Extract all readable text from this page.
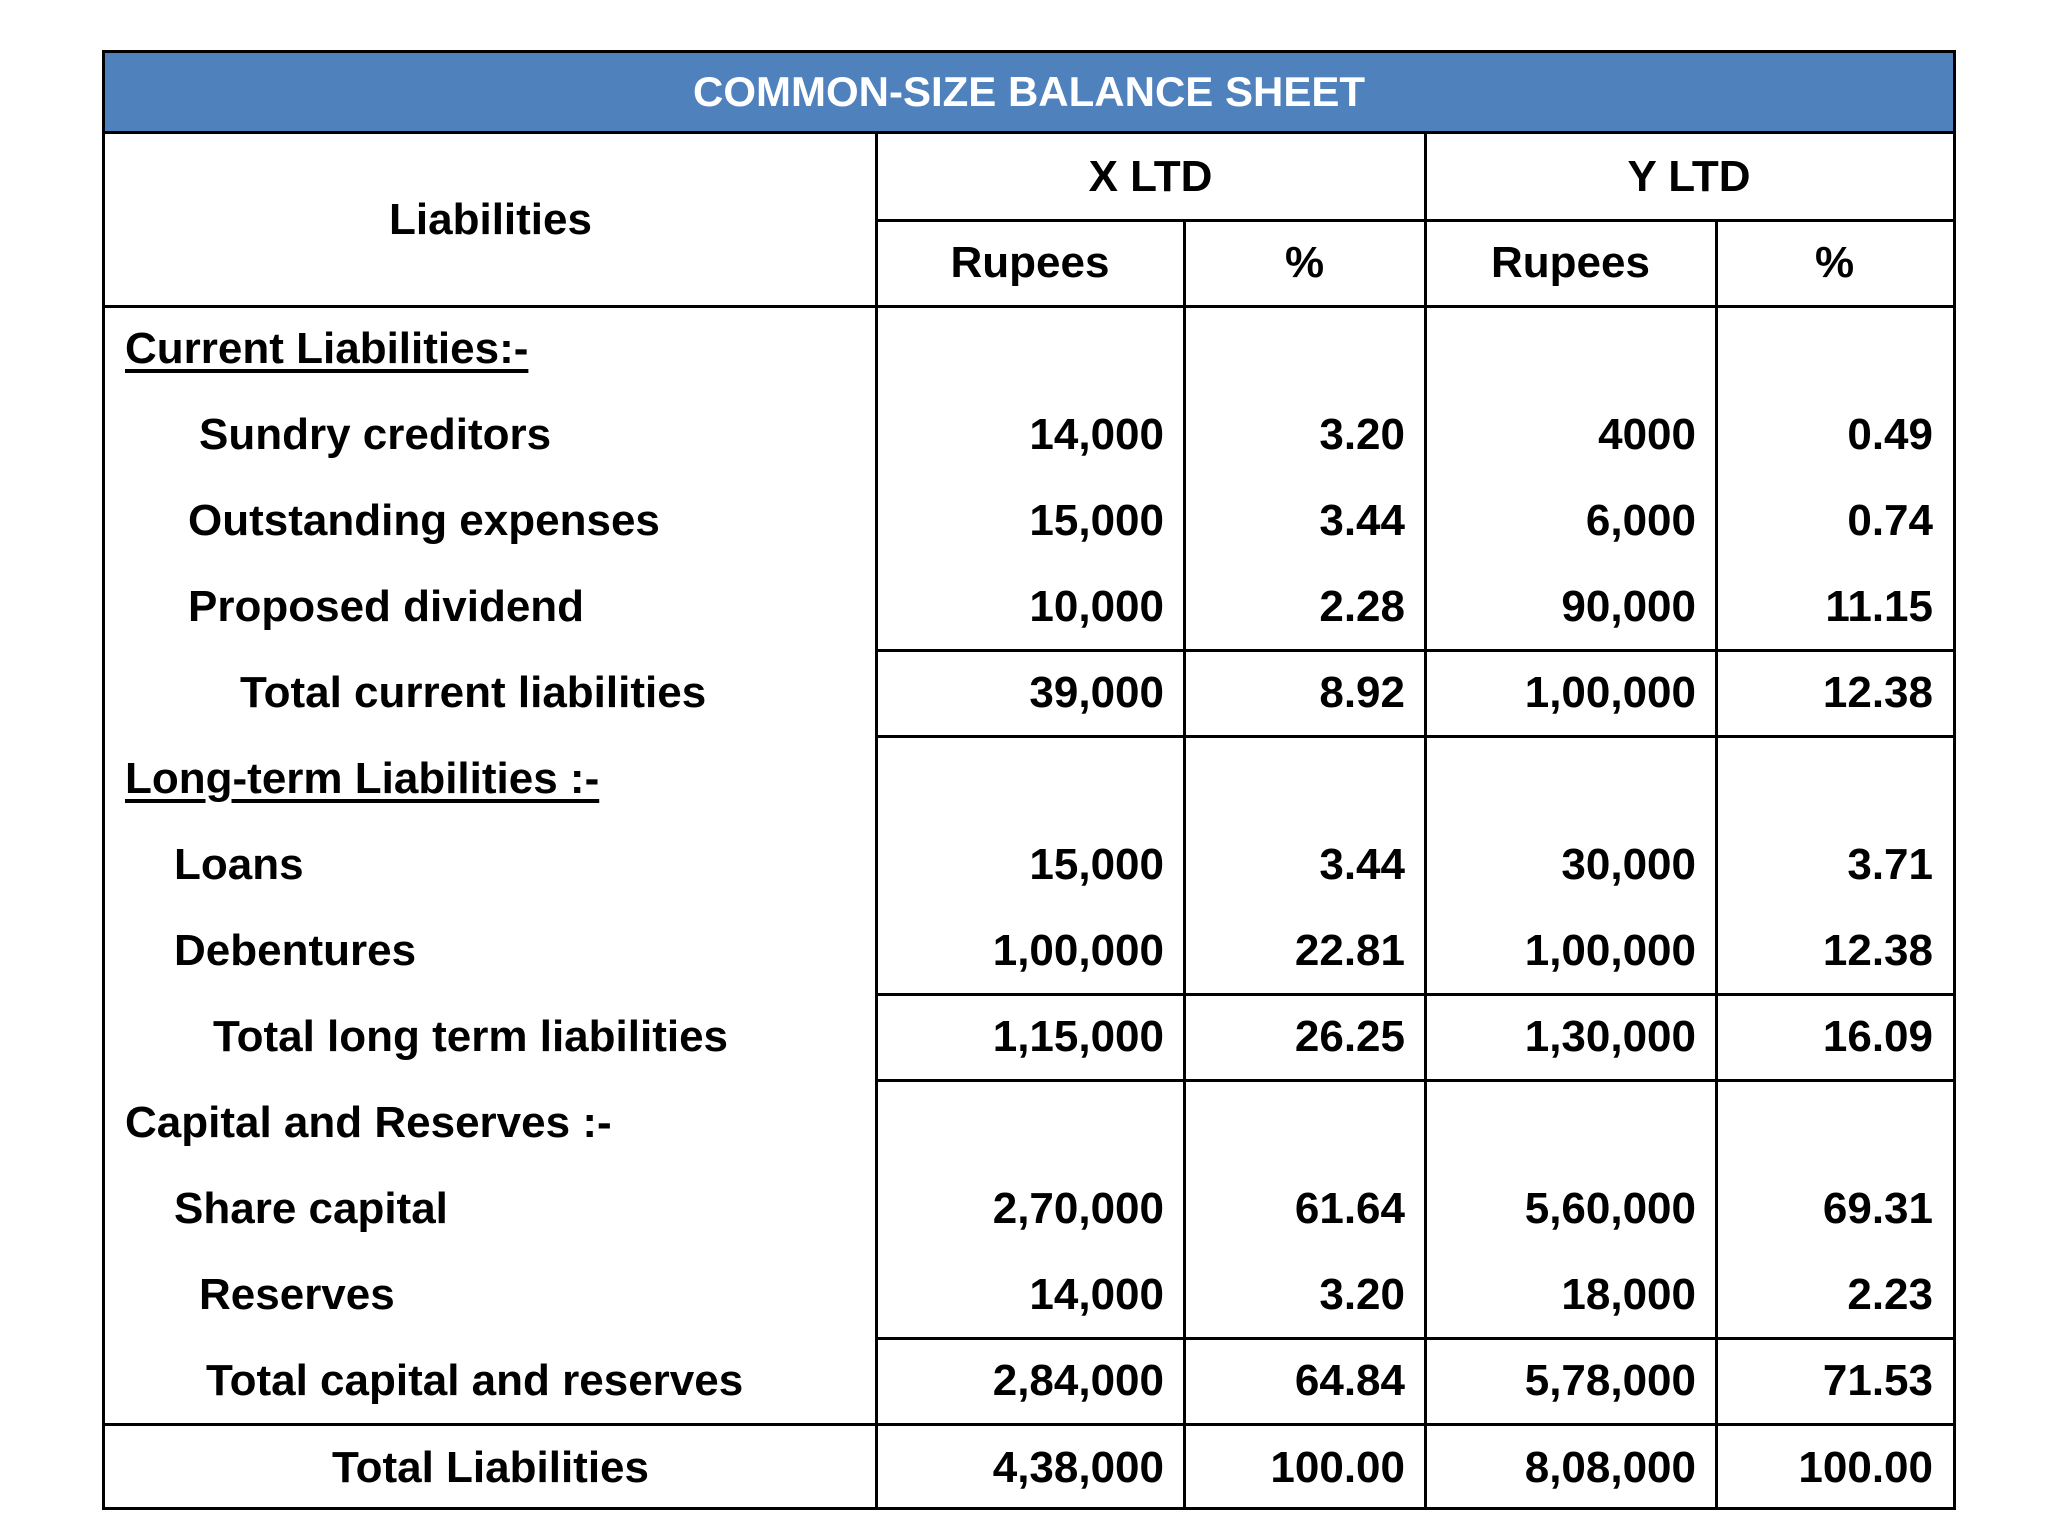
COMMON-SIZE BALANCE SHEET
Liabilities
X LTD	Y LTD
Rupees	%	Rupees	%
Current Liabilities:-
Sundry creditors	14,000	3.20	4000	0.49
Outstanding expenses	15,000	3.44	6,000	0.74
Proposed dividend	10,000	2.28	90,000	11.15
Total current liabilities	39,000	8.92	1,00,000	12.38
Long-term Liabilities :-
Loans	15,000	3.44	30,000	3.71
Debentures	1,00,000	22.81	1,00,000	12.38
Total long term liabilities	1,15,000	26.25	1,30,000	16.09
Capital and Reserves :-
Share capital	2,70,000	61.64	5,60,000	69.31
Reserves	14,000	3.20	18,000	2.23
Total capital and reserves	2,84,000	64.84	5,78,000	71.53
Total Liabilities	4,38,000	100.00	8,08,000	100.00
